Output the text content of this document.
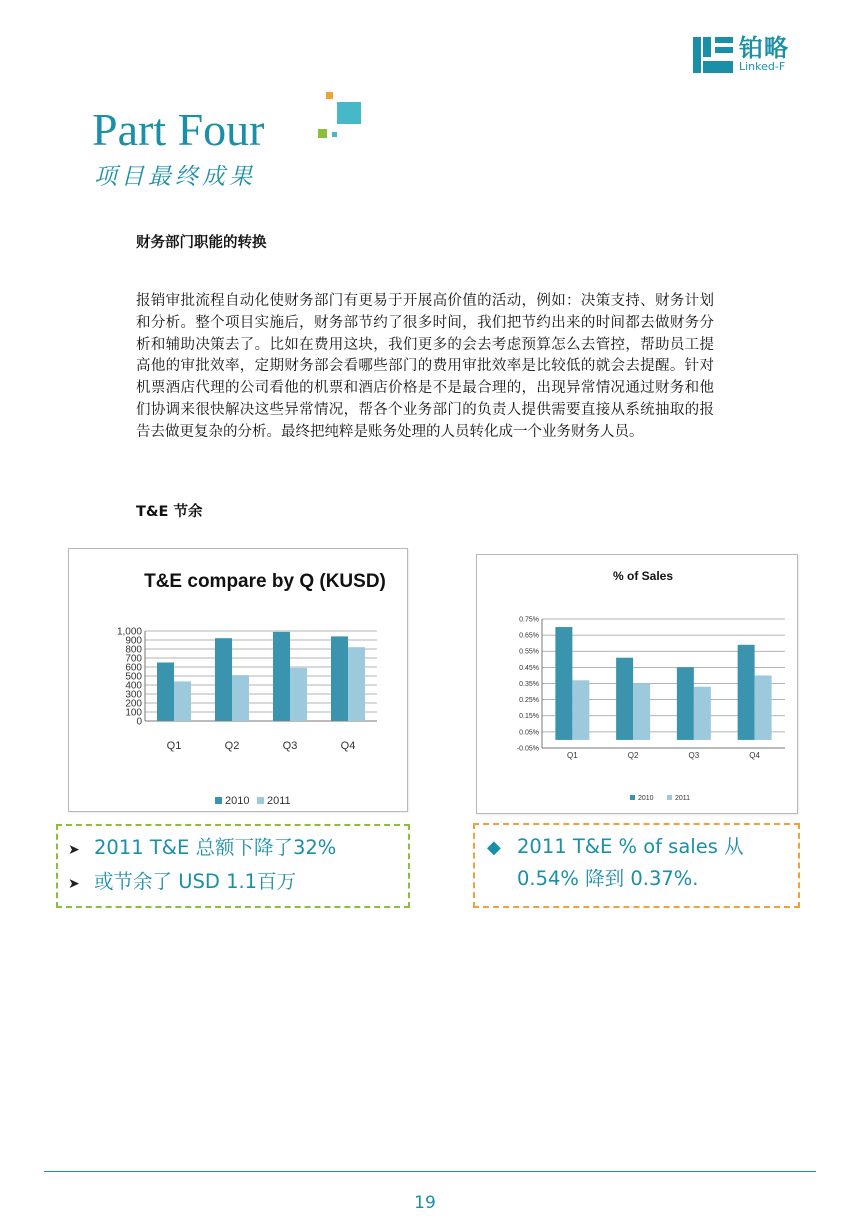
铂略
Linked-F
Part Four
项目最终成果
财务部门职能的转换
报销审批流程自动化使财务部门有更易于开展高价值的活动，例如：决策支持、财务计划和分析。整个项目实施后，财务部节约了很多时间，我们把节约出来的时间都去做财务分析和辅助决策去了。比如在费用这块，我们更多的会去考虑预算怎么去管控，帮助员工提高他的审批效率，定期财务部会看哪些部门的费用审批效率是比较低的就会去提醒。针对机票酒店代理的公司看他的机票和酒店价格是不是最合理的，出现异常情况通过财务和他们协调来很快解决这些异常情况，帮各个业务部门的负责人提供需要直接从系统抽取的报告去做更复杂的分析。最终把纯粹是账务处理的人员转化成一个业务财务人员。
T&E 节余
T&E compare by Q (KUSD)
0
100
200
300
400
500
600
700
800
900
1,000
Q1	Q2	Q3	Q4
2010 2011
% of Sales
-0.05%
0.05%
0.15%
0.25%
0.35%
0.45%
0.55%
0.65%
0.75%
Q1	Q2	Q3	Q4
2010	2011
➤ 2011 T&E 总额下降了32%
➤ 或节余了 USD 1.1百万
◆ 2011 T&E % of sales 从
0.54% 降到 0.37%.
19
